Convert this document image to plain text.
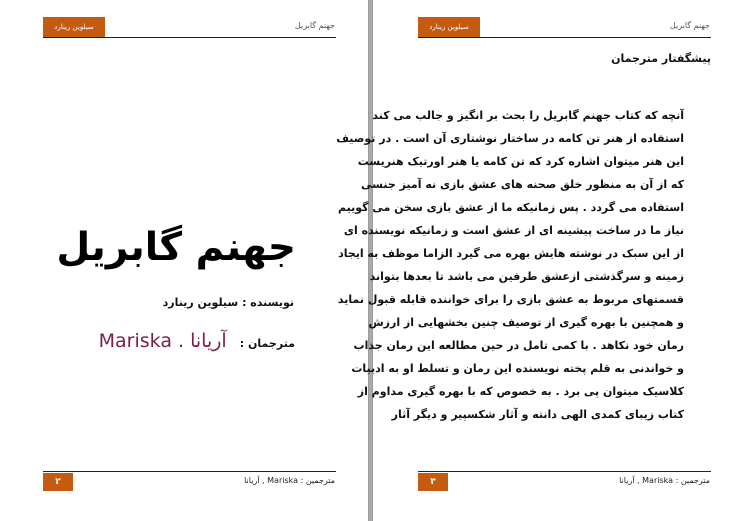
سیلوین رینارد	جهنم گابریل
جهنم گابریل
نویسنده : سیلوین رینارد
مترجمان : آریانا . Mariska
۲	مترجمین : Mariska , آریانا
سیلوین رینارد	جهنم گابریل
پیشگفتار مترجمان
آنچه که کتاب جهنم گابریل را بحث بر انگیز و جالب می کند
استفاده از هنر تن کامه در ساختار نوشتاری آن است . در توصیف
این هنر میتوان اشاره کرد که تن کامه یا هنر اورتیک هنریست
که از آن به منظور خلق صحنه های عشق بازی نه آمیز جنسی
استفاده می گردد . پس زمانیکه ما از عشق بازی سخن می گوییم
نیاز ما در ساخت پیشینه ای از عشق است و زمانیکه نویسنده ای
از این سبک در نوشته هایش بهره می گیرد الزاما موظف به ایجاد
زمینه و سرگذشتی ازعشق طرفین می باشد تا بعدها بتواند
قسمتهای مربوط به عشق بازی را برای خواننده قابله قبول نماید
و همچنین با بهره گیری از توصیف چنین بخشهایی از ارزش
رمان خود نکاهد . با کمی تامل در حین مطالعه این رمان جذاب
و خواندنی به قلم پخته نویسنده این رمان و تسلط او به ادبیات
کلاسیک میتوان پی برد . به خصوص که با بهره گیری مداوم از
کتاب زیبای کمدی الهی دانته و آثار شکسپیر و دیگر آثار
۳	مترجمین : Mariska , آریانا
